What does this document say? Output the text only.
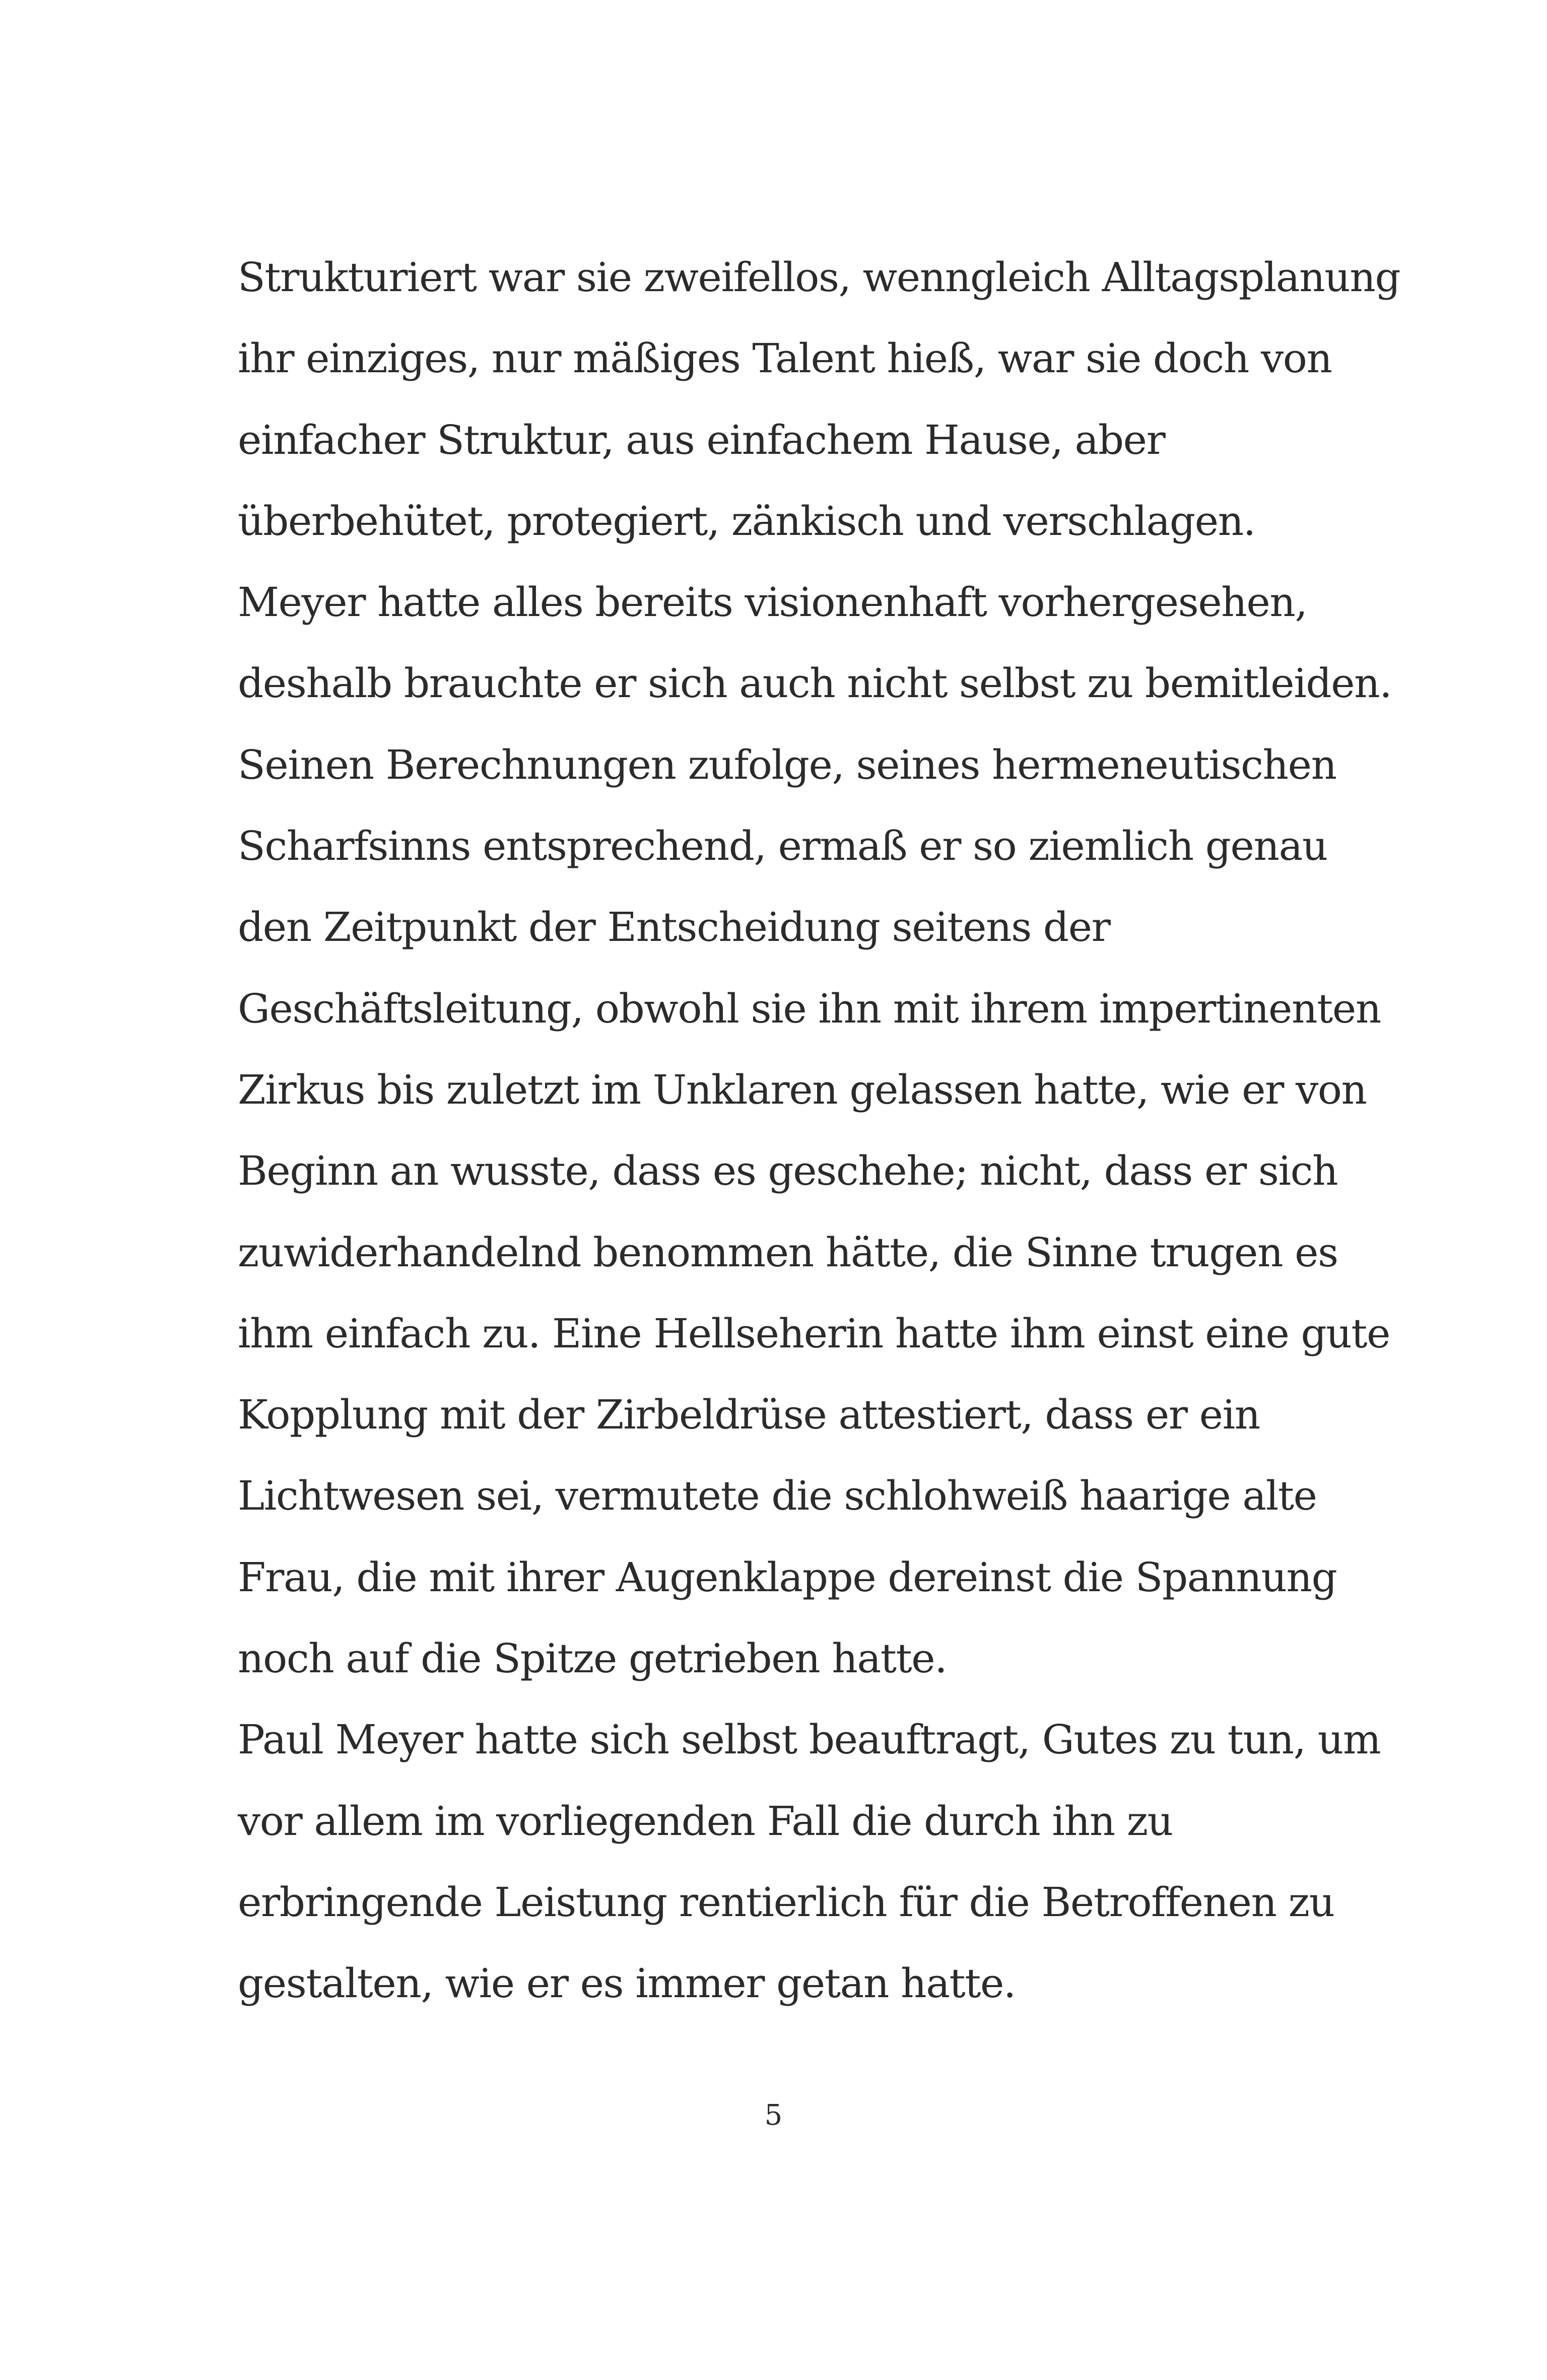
Strukturiert war sie zweifellos, wenngleich Alltagsplanung
ihr einziges, nur mäßiges Talent hieß, war sie doch von
einfacher Struktur, aus einfachem Hause, aber
überbehütet, protegiert, zänkisch und verschlagen.
Meyer hatte alles bereits visionenhaft vorhergesehen,
deshalb brauchte er sich auch nicht selbst zu bemitleiden.
Seinen Berechnungen zufolge, seines hermeneutischen
Scharfsinns entsprechend, ermaß er so ziemlich genau
den Zeitpunkt der Entscheidung seitens der
Geschäftsleitung, obwohl sie ihn mit ihrem impertinenten
Zirkus bis zuletzt im Unklaren gelassen hatte, wie er von
Beginn an wusste, dass es geschehe; nicht, dass er sich
zuwiderhandelnd benommen hätte, die Sinne trugen es
ihm einfach zu. Eine Hellseherin hatte ihm einst eine gute
Kopplung mit der Zirbeldrüse attestiert, dass er ein
Lichtwesen sei, vermutete die schlohweiß haarige alte
Frau, die mit ihrer Augenklappe dereinst die Spannung
noch auf die Spitze getrieben hatte.
Paul Meyer hatte sich selbst beauftragt, Gutes zu tun, um
vor allem im vorliegenden Fall die durch ihn zu
erbringende Leistung rentierlich für die Betroffenen zu
gestalten, wie er es immer getan hatte.
5
